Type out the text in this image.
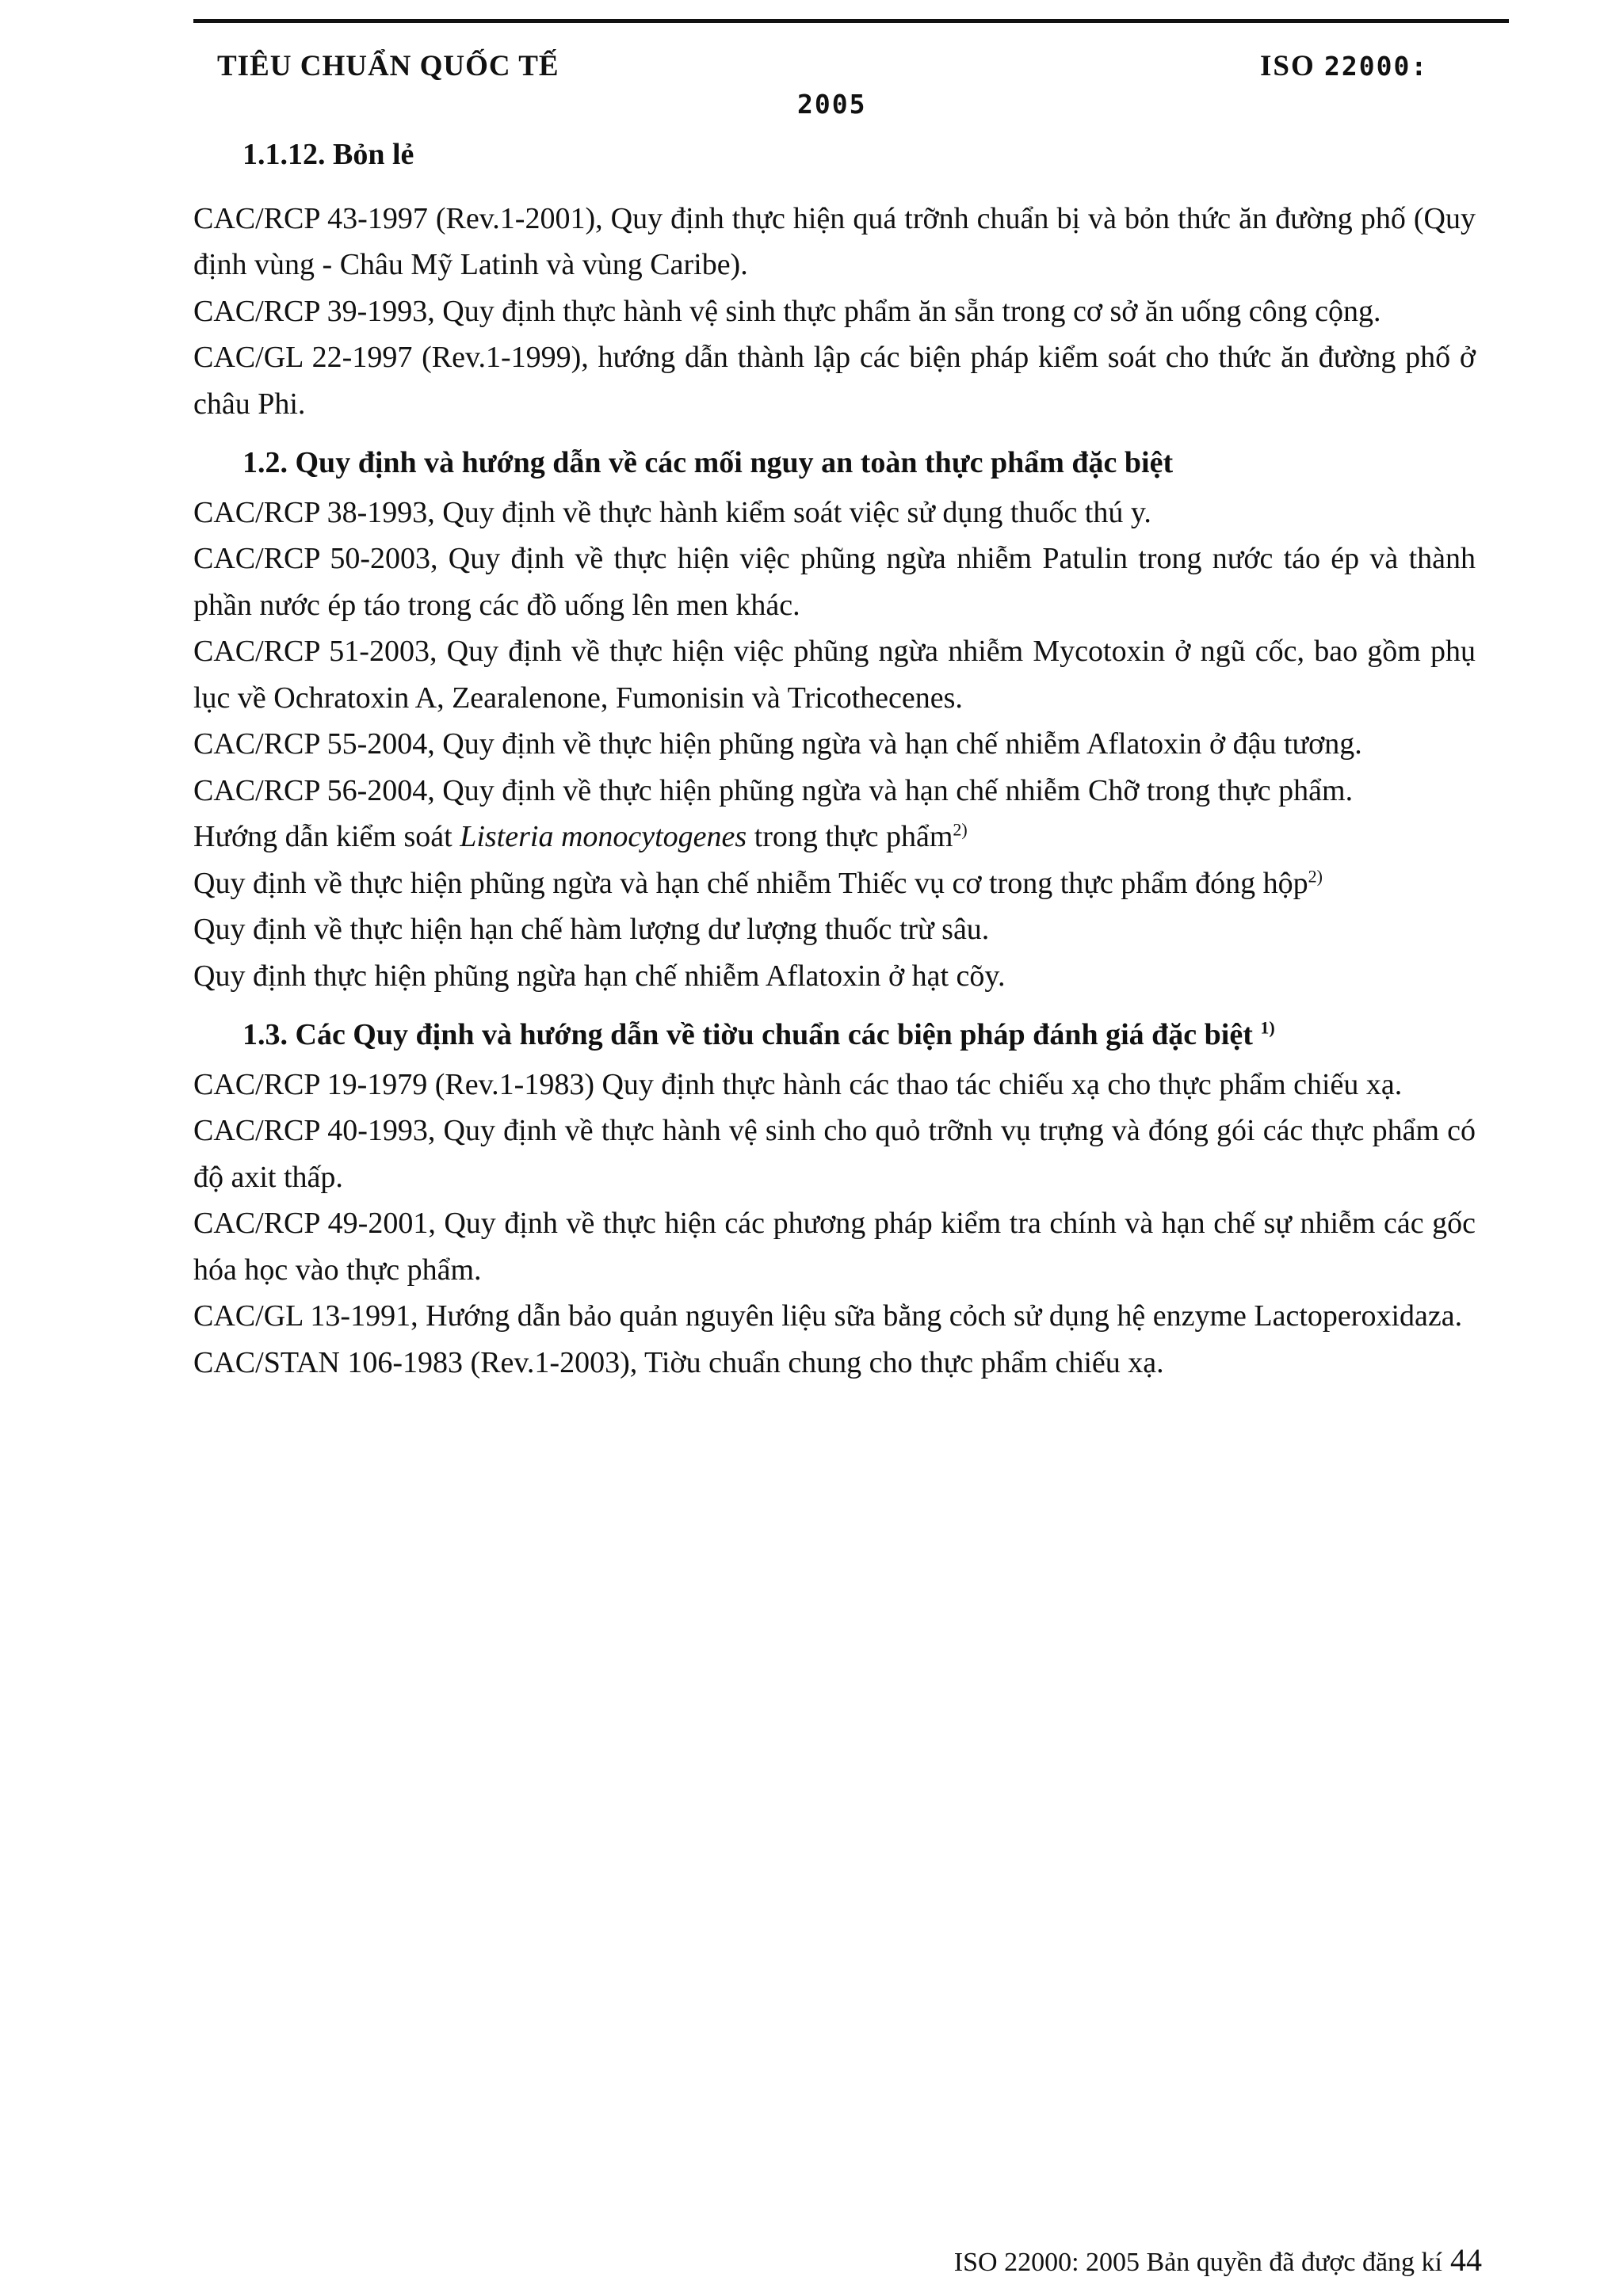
TIÊU CHUẨN QUỐC TẾ	ISO 22000:
2005
1.1.12. Bỏn lẻ
CAC/RCP 43-1997 (Rev.1-2001), Quy định thực hiện quá trỡnh chuẩn bị và bỏn thức ăn đường phố (Quy định vùng - Châu Mỹ Latinh và vùng Caribe).
CAC/RCP 39-1993, Quy định thực hành vệ sinh thực phẩm ăn sẵn trong cơ sở ăn uống công cộng.
CAC/GL 22-1997 (Rev.1-1999), hướng dẫn thành lập các biện pháp kiểm soát cho thức ăn đường phố ở châu Phi.
1.2. Quy định và hướng dẫn về các mối nguy an toàn thực phẩm đặc biệt
CAC/RCP 38-1993, Quy định về thực hành kiểm soát việc sử dụng thuốc thú y.
CAC/RCP 50-2003, Quy định về thực hiện việc phũng ngừa nhiễm Patulin trong nước táo ép và thành phần nước ép táo trong các đồ uống lên men khác.
CAC/RCP 51-2003, Quy định về thực hiện việc phũng ngừa nhiễm Mycotoxin ở ngũ cốc, bao gồm phụ lục về Ochratoxin A, Zearalenone, Fumonisin và Tricothecenes.
CAC/RCP 55-2004, Quy định về thực hiện phũng ngừa và hạn chế nhiễm Aflatoxin ở đậu tương.
CAC/RCP 56-2004, Quy định về thực hiện phũng ngừa và hạn chế nhiễm Chỡ trong thực phẩm.
Hướng dẫn kiểm soát Listeria monocytogenes trong thực phẩm$^{2)}$
Quy định về thực hiện phũng ngừa và hạn chế nhiễm Thiếc vụ cơ trong thực phẩm đóng hộp$^{2)}$
Quy định về thực hiện hạn chế hàm lượng dư lượng thuốc trừ sâu.
Quy định thực hiện phũng ngừa hạn chế nhiễm Aflatoxin ở hạt cõy.
1.3. Các Quy định và hướng dẫn về tiờu chuẩn các biện pháp đánh giá đặc biệt $^{1)}$
CAC/RCP 19-1979 (Rev.1-1983) Quy định thực hành các thao tác chiếu xạ cho thực phẩm chiếu xạ.
CAC/RCP 40-1993, Quy định về thực hành vệ sinh cho quỏ trỡnh vụ trựng và đóng gói các thực phẩm có độ axit thấp.
CAC/RCP 49-2001, Quy định về thực hiện các phương pháp kiểm tra chính và hạn chế sự nhiễm các gốc hóa học vào thực phẩm.
CAC/GL 13-1991, Hướng dẫn bảo quản nguyên liệu sữa bằng cỏch sử dụng hệ enzyme Lactoperoxidaza.
CAC/STAN 106-1983 (Rev.1-2003), Tiờu chuẩn chung cho thực phẩm chiếu xạ.
ISO 22000: 2005 Bản quyền đã được đăng kí 44
